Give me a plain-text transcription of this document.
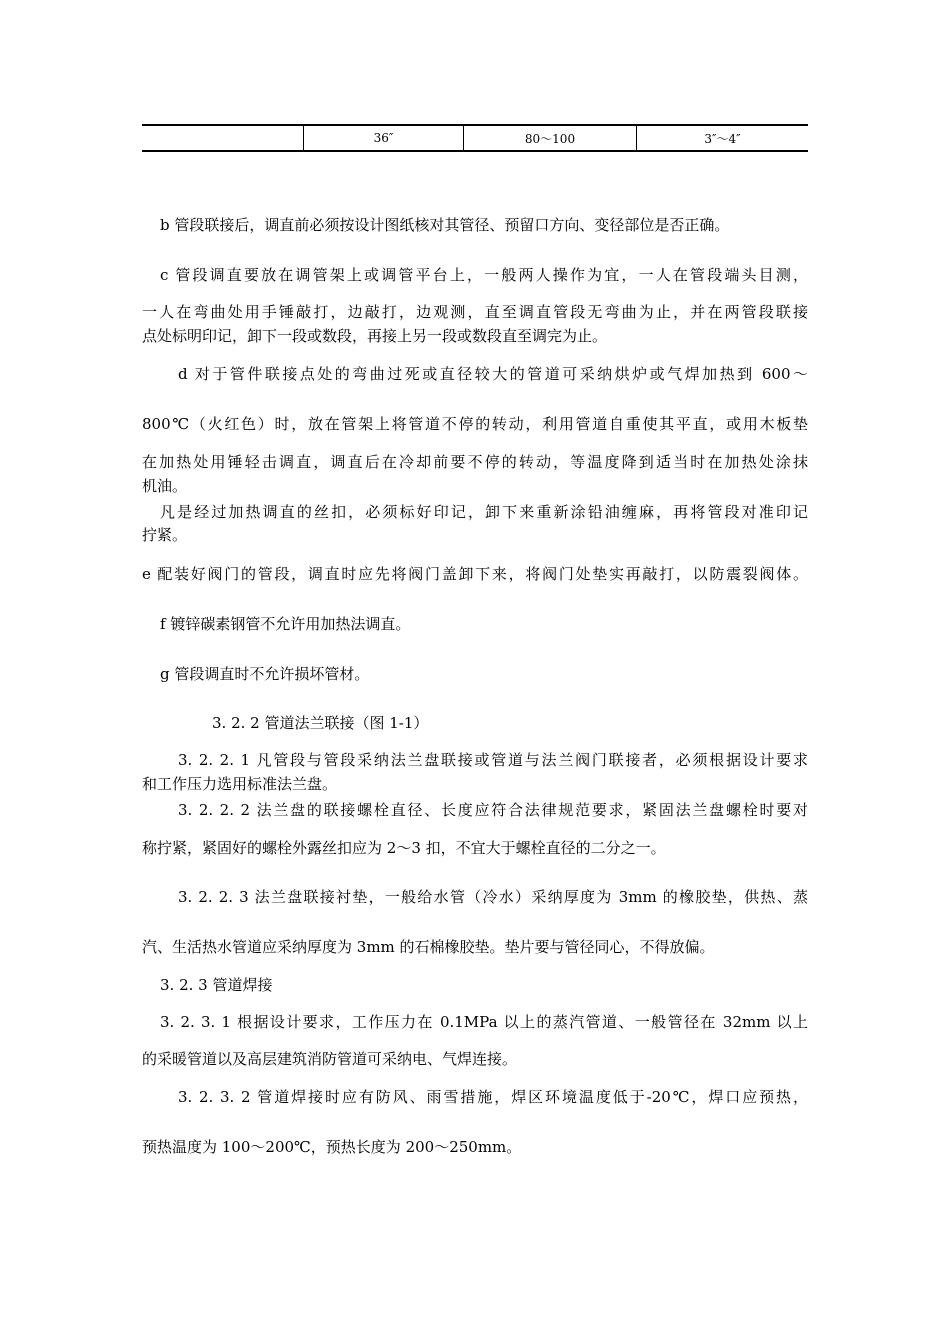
36″	80～100	3″～4″
b 管段联接后，调直前必须按设计图纸核对其管径、预留口方向、变径部位是否正确。
c 管段调直要放在调管架上或调管平台上，一般两人操作为宜，一人在管段端头目测，
一人在弯曲处用手锤敲打，边敲打，边观测，直至调直管段无弯曲为止，并在两管段联接
点处标明印记，卸下一段或数段，再接上另一段或数段直至调完为止。
d 对于管件联接点处的弯曲过死或直径较大的管道可采纳烘炉或气焊加热到 600～
800℃（火红色）时，放在管架上将管道不停的转动，利用管道自重使其平直，或用木板垫
在加热处用锤轻击调直，调直后在冷却前要不停的转动，等温度降到适当时在加热处涂抹
机油。
凡是经过加热调直的丝扣，必须标好印记，卸下来重新涂铅油缠麻，再将管段对准印记
拧紧。
e 配装好阀门的管段，调直时应先将阀门盖卸下来，将阀门处垫实再敲打，以防震裂阀体。
f 镀锌碳素钢管不允许用加热法调直。
g 管段调直时不允许损坏管材。
3. 2. 2 管道法兰联接（图 1-1）
3. 2. 2. 1 凡管段与管段采纳法兰盘联接或管道与法兰阀门联接者，必须根据设计要求
和工作压力选用标准法兰盘。
3. 2. 2. 2 法兰盘的联接螺栓直径、长度应符合法律规范要求，紧固法兰盘螺栓时要对
称拧紧，紧固好的螺栓外露丝扣应为 2～3 扣，不宜大于螺栓直径的二分之一。
3. 2. 2. 3 法兰盘联接衬垫，一般给水管（冷水）采纳厚度为 3mm 的橡胶垫，供热、蒸
汽、生活热水管道应采纳厚度为 3mm 的石棉橡胶垫。垫片要与管径同心，不得放偏。
3. 2. 3 管道焊接
3. 2. 3. 1 根据设计要求，工作压力在 0.1MPa 以上的蒸汽管道、一般管径在 32mm 以上
的采暖管道以及高层建筑消防管道可采纳电、气焊连接。
3. 2. 3. 2 管道焊接时应有防风、雨雪措施，焊区环境温度低于-20℃，焊口应预热，
预热温度为 100～200℃，预热长度为 200～250mm。
